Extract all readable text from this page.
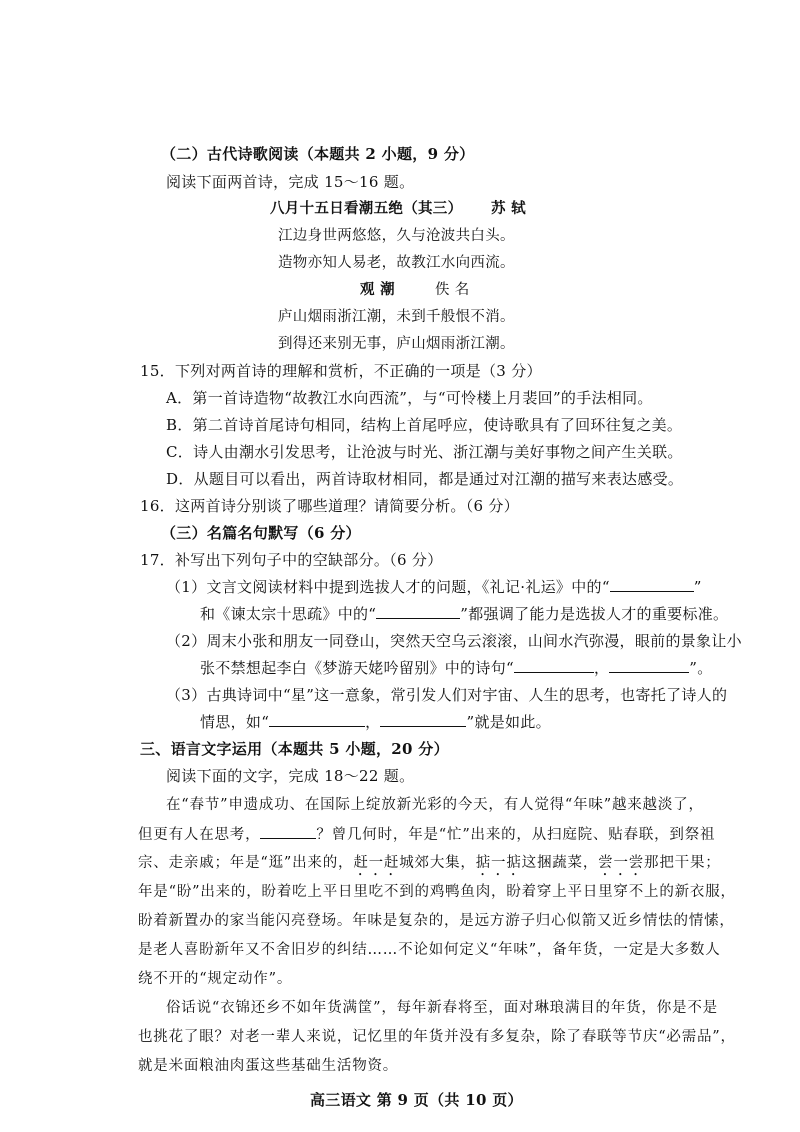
（二）古代诗歌阅读（本题共 2 小题，9 分）
阅读下面两首诗，完成 15～16 题。
八月十五日看潮五绝（其三） 苏 轼
江边身世两悠悠，久与沧波共白头。
造物亦知人易老，故教江水向西流。
观 潮	佚 名
庐山烟雨浙江潮，未到千般恨不消。
到得还来别无事，庐山烟雨浙江潮。
15．下列对两首诗的理解和赏析，不正确的一项是（3 分）
A．第一首诗造物“故教江水向西流”，与“可怜楼上月裴回”的手法相同。
B．第二首诗首尾诗句相同，结构上首尾呼应，使诗歌具有了回环往复之美。
C．诗人由潮水引发思考，让沧波与时光、浙江潮与美好事物之间产生关联。
D．从题目可以看出，两首诗取材相同，都是通过对江潮的描写来表达感受。
16．这两首诗分别谈了哪些道理？请简要分析。（6 分）
（三）名篇名句默写（6 分）
17．补写出下列句子中的空缺部分。（6 分）
（1）文言文阅读材料中提到选拔人才的问题，《礼记·礼运》中的“	”
和《谏太宗十思疏》中的“	”都强调了能力是选拔人才的重要标准。
（2）周末小张和朋友一同登山，突然天空乌云滚滚，山间水汽弥漫，眼前的景象让小
张不禁想起李白《梦游天姥吟留别》中的诗句“	，	”。
（3）古典诗词中“星”这一意象，常引发人们对宇宙、人生的思考，也寄托了诗人的
情思，如“	，	”就是如此。
三、语言文字运用（本题共 5 小题，20 分）
阅读下面的文字，完成 18～22 题。
在“春节”申遗成功、在国际上绽放新光彩的今天，有人觉得“年味”越来越淡了，
但更有人在思考，	？曾几何时，年是“忙”出来的，从扫庭院、贴春联，到祭祖
宗、走亲戚；年是“逛”出来的，赶一赶城郊大集，掂一掂这捆蔬菜，尝一尝那把干果；
年是“盼”出来的，盼着吃上平日里吃不到的鸡鸭鱼肉，盼着穿上平日里穿不上的新衣服，
盼着新置办的家当能闪亮登场。年味是复杂的，是远方游子归心似箭又近乡情怯的情愫，
是老人喜盼新年又不舍旧岁的纠结……不论如何定义“年味”，备年货，一定是大多数人
绕不开的“规定动作”。
俗话说“衣锦还乡不如年货满筐”，每年新春将至，面对琳琅满目的年货，你是不是
也挑花了眼？对老一辈人来说，记忆里的年货并没有多复杂，除了春联等节庆“必需品”，
就是米面粮油肉蛋这些基础生活物资。
高三语文 第 9 页（共 10 页）
